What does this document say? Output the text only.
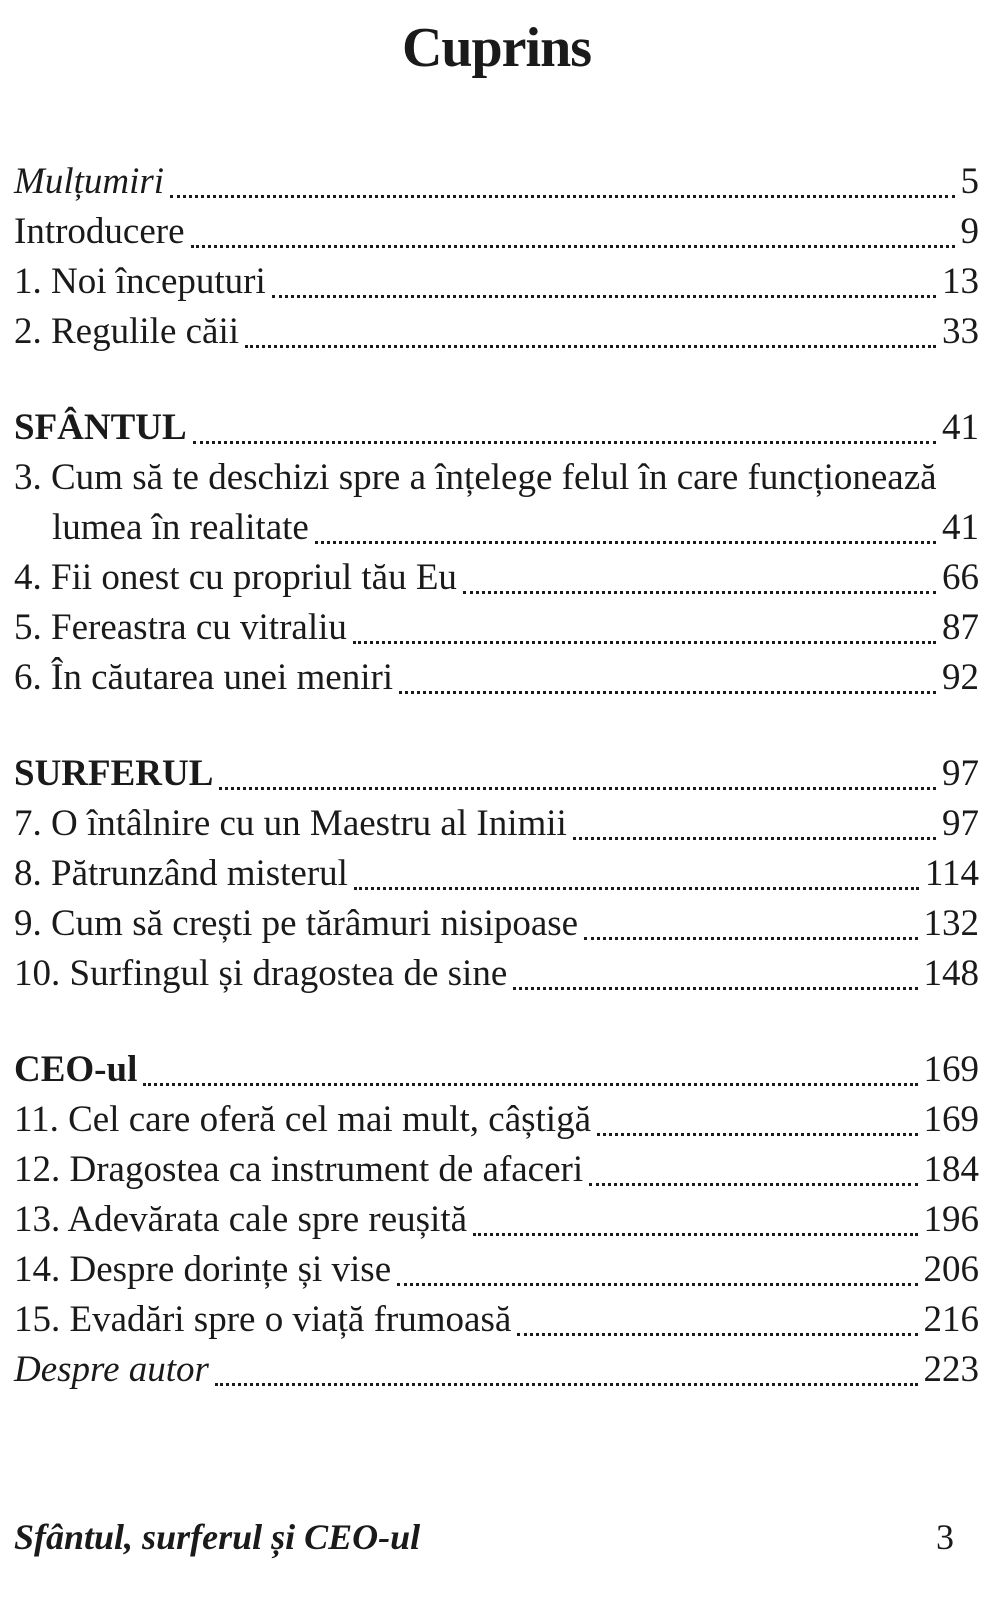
Cuprins
Mulțumiri	5
Introducere	9
1. Noi începuturi	13
2. Regulile căii	33
SFÂNTUL	41
3. Cum să te deschizi spre a înțelege felul în care funcționează
lumea în realitate	41
4. Fii onest cu propriul tău Eu	66
5. Fereastra cu vitraliu	87
6. În căutarea unei meniri	92
SURFERUL	97
7. O întâlnire cu un Maestru al Inimii	97
8. Pătrunzând misterul	114
9. Cum să crești pe tărâmuri nisipoase	132
10. Surfingul și dragostea de sine	148
CEO-ul	169
11. Cel care oferă cel mai mult, câștigă	169
12. Dragostea ca instrument de afaceri	184
13. Adevărata cale spre reușită	196
14. Despre dorințe și vise	206
15. Evadări spre o viață frumoasă	216
Despre autor	223
Sfântul, surferul și CEO-ul	3
